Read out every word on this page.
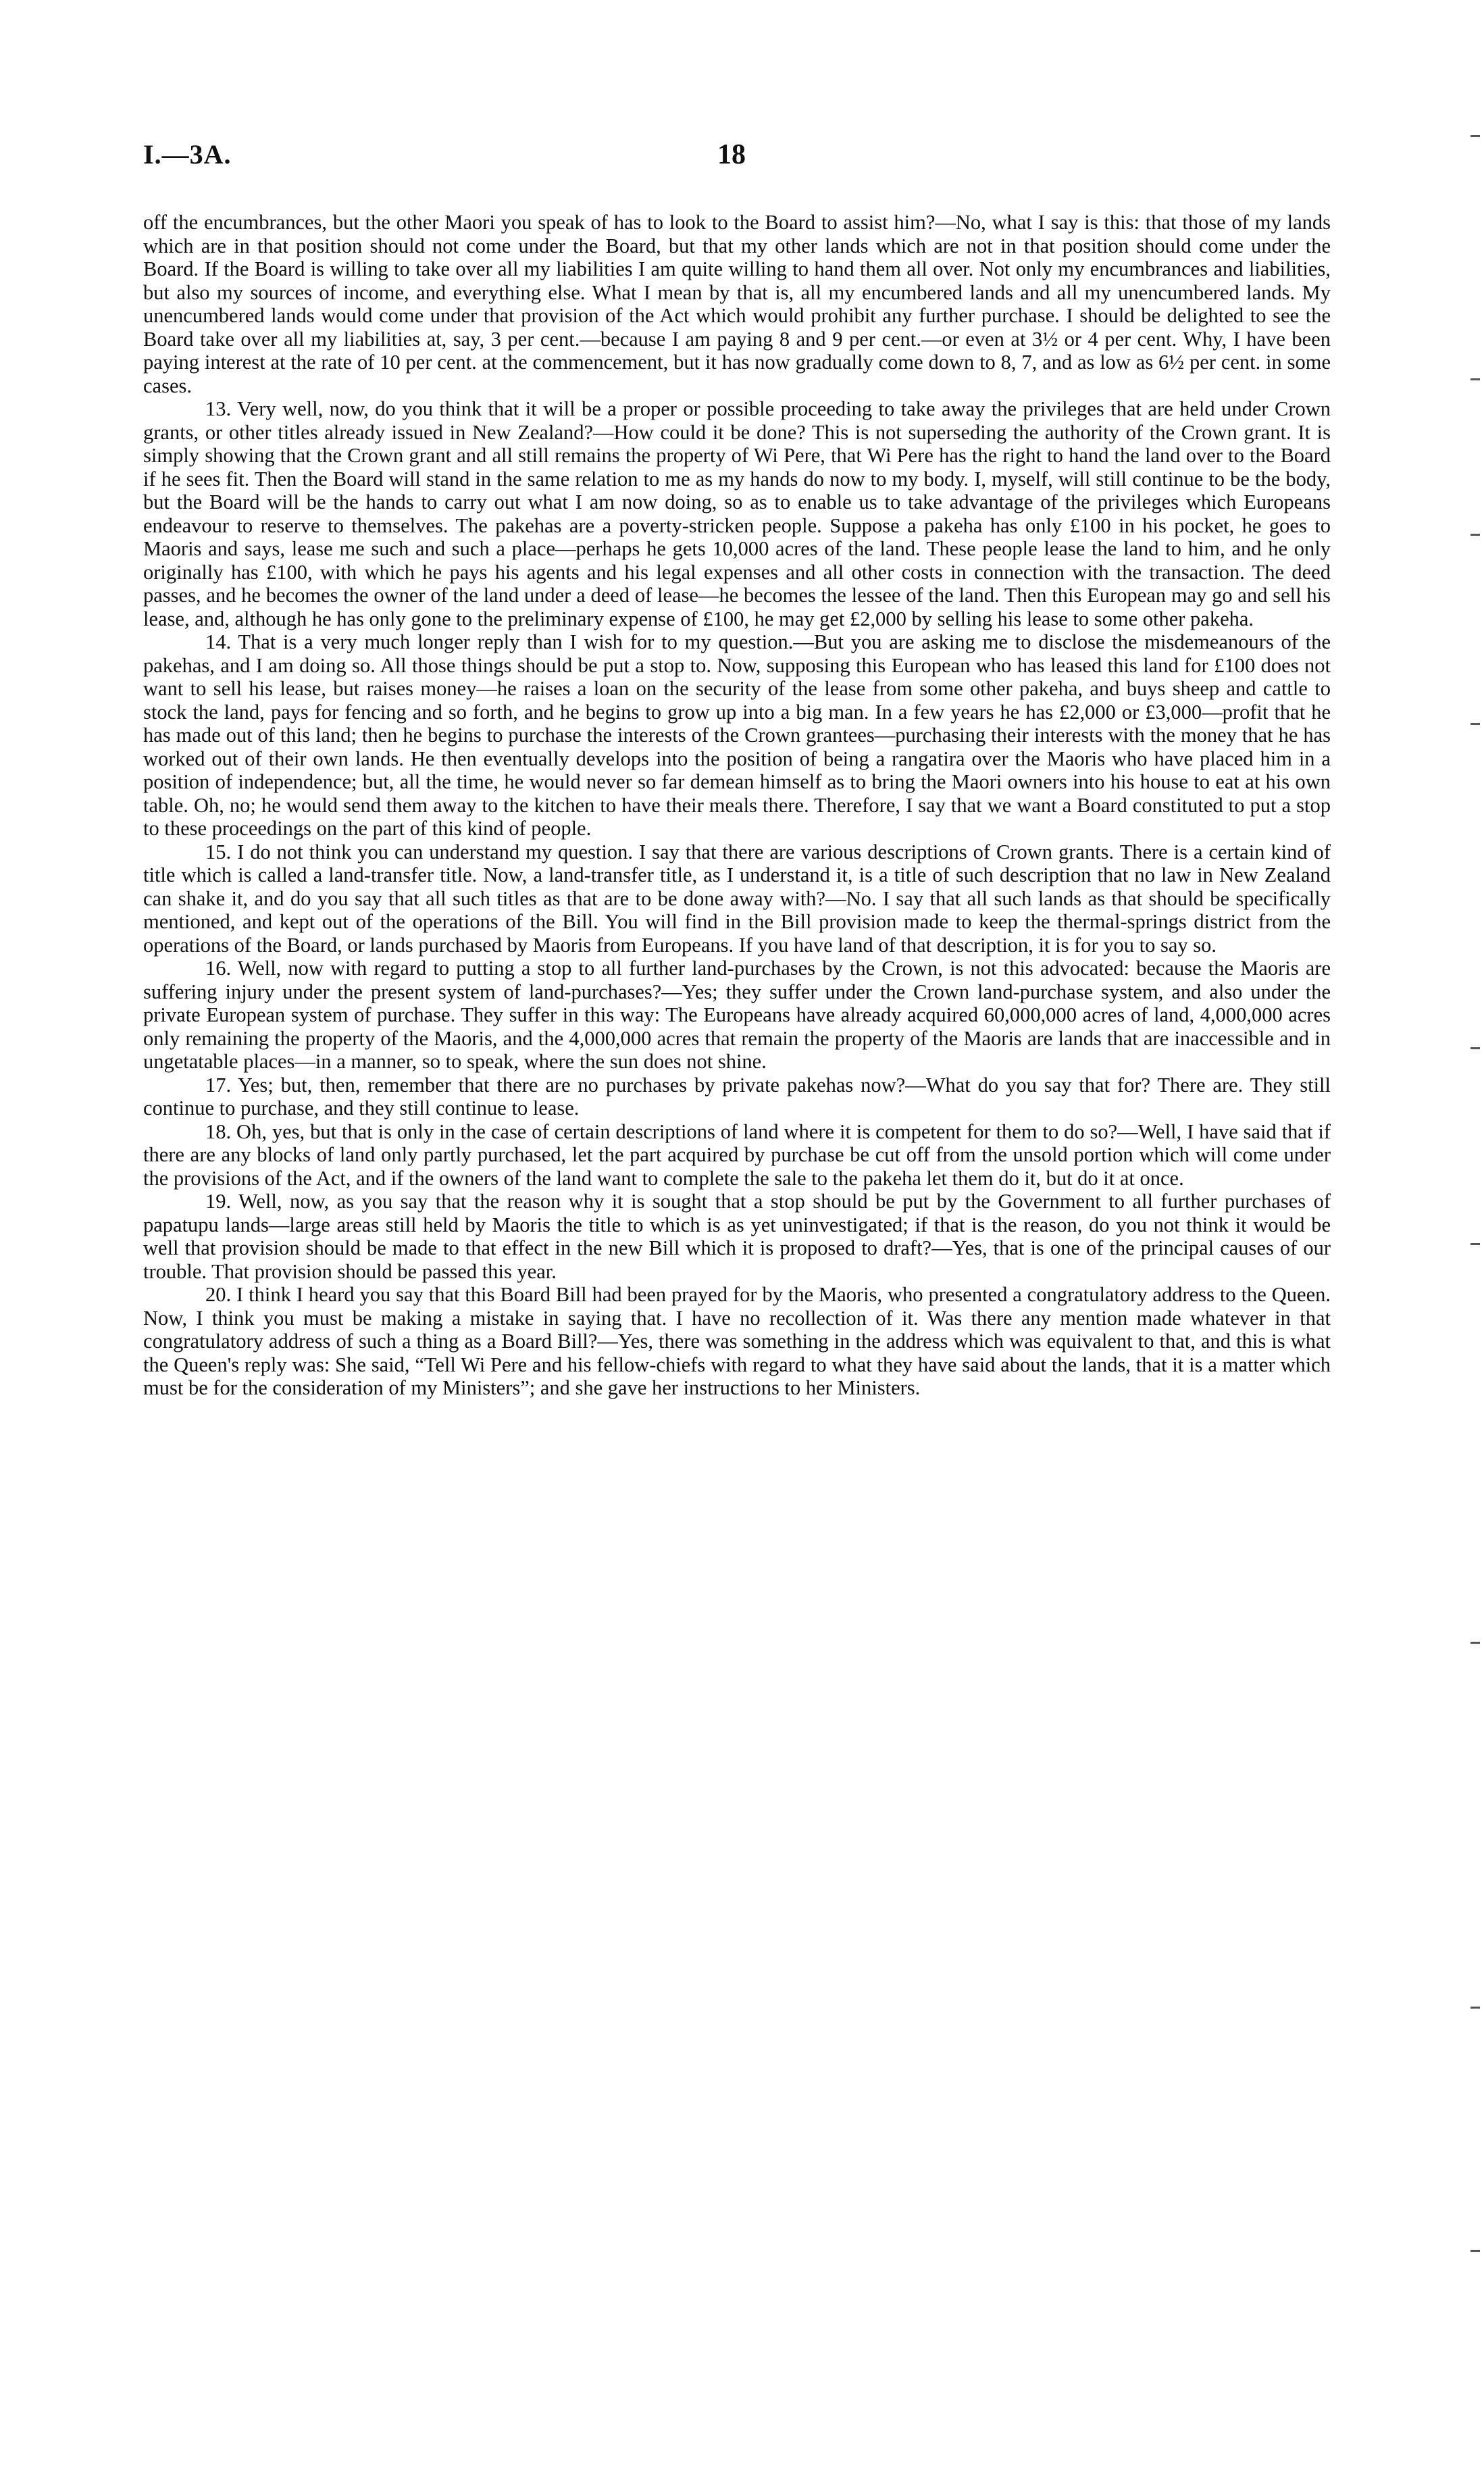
I.—3A.	18

off the encumbrances, but the other Maori you speak of has to look to the Board to assist him?—No, what I say is this: that those of my lands which are in that position should not come under the Board, but that my other lands which are not in that position should come under the Board. If the Board is willing to take over all my liabilities I am quite willing to hand them all over. Not only my encumbrances and liabilities, but also my sources of income, and everything else. What I mean by that is, all my encumbered lands and all my unencumbered lands. My unencumbered lands would come under that provision of the Act which would prohibit any further purchase. I should be delighted to see the Board take over all my liabilities at, say, 3 per cent.—because I am paying 8 and 9 per cent.—or even at 3½ or 4 per cent. Why, I have been paying interest at the rate of 10 per cent. at the commencement, but it has now gradually come down to 8, 7, and as low as 6½ per cent. in some cases.

13. Very well, now, do you think that it will be a proper or possible proceeding to take away the privileges that are held under Crown grants, or other titles already issued in New Zealand?—How could it be done? This is not superseding the authority of the Crown grant. It is simply showing that the Crown grant and all still remains the property of Wi Pere, that Wi Pere has the right to hand the land over to the Board if he sees fit. Then the Board will stand in the same relation to me as my hands do now to my body. I, myself, will still continue to be the body, but the Board will be the hands to carry out what I am now doing, so as to enable us to take advantage of the privileges which Europeans endeavour to reserve to themselves. The pakehas are a poverty-stricken people. Suppose a pakeha has only £100 in his pocket, he goes to Maoris and says, lease me such and such a place—perhaps he gets 10,000 acres of the land. These people lease the land to him, and he only originally has £100, with which he pays his agents and his legal expenses and all other costs in connection with the transaction. The deed passes, and he becomes the owner of the land under a deed of lease—he becomes the lessee of the land. Then this European may go and sell his lease, and, although he has only gone to the preliminary expense of £100, he may get £2,000 by selling his lease to some other pakeha.

14. That is a very much longer reply than I wish for to my question.—But you are asking me to disclose the misdemeanours of the pakehas, and I am doing so. All those things should be put a stop to. Now, supposing this European who has leased this land for £100 does not want to sell his lease, but raises money—he raises a loan on the security of the lease from some other pakeha, and buys sheep and cattle to stock the land, pays for fencing and so forth, and he begins to grow up into a big man. In a few years he has £2,000 or £3,000—profit that he has made out of this land; then he begins to purchase the interests of the Crown grantees—purchasing their interests with the money that he has worked out of their own lands. He then eventually develops into the position of being a rangatira over the Maoris who have placed him in a position of independence; but, all the time, he would never so far demean himself as to bring the Maori owners into his house to eat at his own table. Oh, no; he would send them away to the kitchen to have their meals there. Therefore, I say that we want a Board constituted to put a stop to these proceedings on the part of this kind of people.

15. I do not think you can understand my question. I say that there are various descriptions of Crown grants. There is a certain kind of title which is called a land-transfer title. Now, a land-transfer title, as I understand it, is a title of such description that no law in New Zealand can shake it, and do you say that all such titles as that are to be done away with?—No. I say that all such lands as that should be specifically mentioned, and kept out of the operations of the Bill. You will find in the Bill provision made to keep the thermal-springs district from the operations of the Board, or lands purchased by Maoris from Europeans. If you have land of that description, it is for you to say so.

16. Well, now with regard to putting a stop to all further land-purchases by the Crown, is not this advocated: because the Maoris are suffering injury under the present system of land-purchases?—Yes; they suffer under the Crown land-purchase system, and also under the private European system of purchase. They suffer in this way: The Europeans have already acquired 60,000,000 acres of land, 4,000,000 acres only remaining the property of the Maoris, and the 4,000,000 acres that remain the property of the Maoris are lands that are inaccessible and in ungetatable places—in a manner, so to speak, where the sun does not shine.

17. Yes; but, then, remember that there are no purchases by private pakehas now?—What do you say that for? There are. They still continue to purchase, and they still continue to lease.

18. Oh, yes, but that is only in the case of certain descriptions of land where it is competent for them to do so?—Well, I have said that if there are any blocks of land only partly purchased, let the part acquired by purchase be cut off from the unsold portion which will come under the provisions of the Act, and if the owners of the land want to complete the sale to the pakeha let them do it, but do it at once.

19. Well, now, as you say that the reason why it is sought that a stop should be put by the Government to all further purchases of papatupu lands—large areas still held by Maoris the title to which is as yet uninvestigated; if that is the reason, do you not think it would be well that provision should be made to that effect in the new Bill which it is proposed to draft?—Yes, that is one of the principal causes of our trouble. That provision should be passed this year.

20. I think I heard you say that this Board Bill had been prayed for by the Maoris, who presented a congratulatory address to the Queen. Now, I think you must be making a mistake in saying that. I have no recollection of it. Was there any mention made whatever in that congratulatory address of such a thing as a Board Bill?—Yes, there was something in the address which was equivalent to that, and this is what the Queen's reply was: She said, “Tell Wi Pere and his fellow-chiefs with regard to what they have said about the lands, that it is a matter which must be for the consideration of my Ministers”; and she gave her instructions to her Ministers.
